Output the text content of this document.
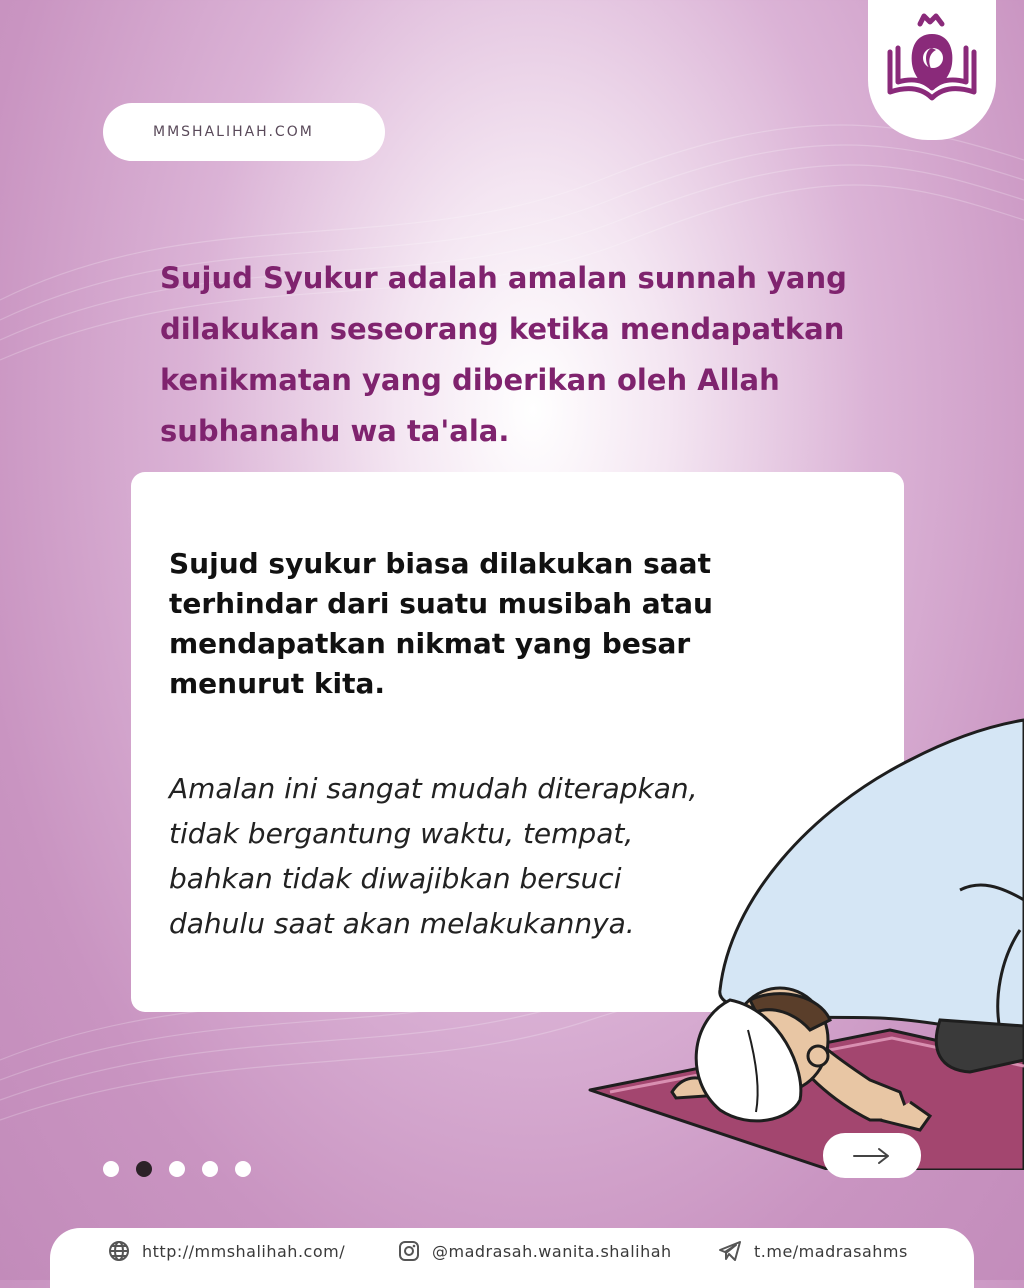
MMSHALIHAH.COM

Sujud Syukur adalah amalan sunnah yang
dilakukan seseorang ketika mendapatkan
kenikmatan yang diberikan oleh Allah
subhanahu wa ta'ala.

Sujud syukur biasa dilakukan saat
terhindar dari suatu musibah atau
mendapatkan nikmat yang besar
menurut kita.

Amalan ini sangat mudah diterapkan,
tidak bergantung waktu, tempat,
bahkan tidak diwajibkan bersuci
dahulu saat akan melakukannya.

http://mmshalihah.com/	@madrasah.wanita.shalihah	t.me/madrasahms
